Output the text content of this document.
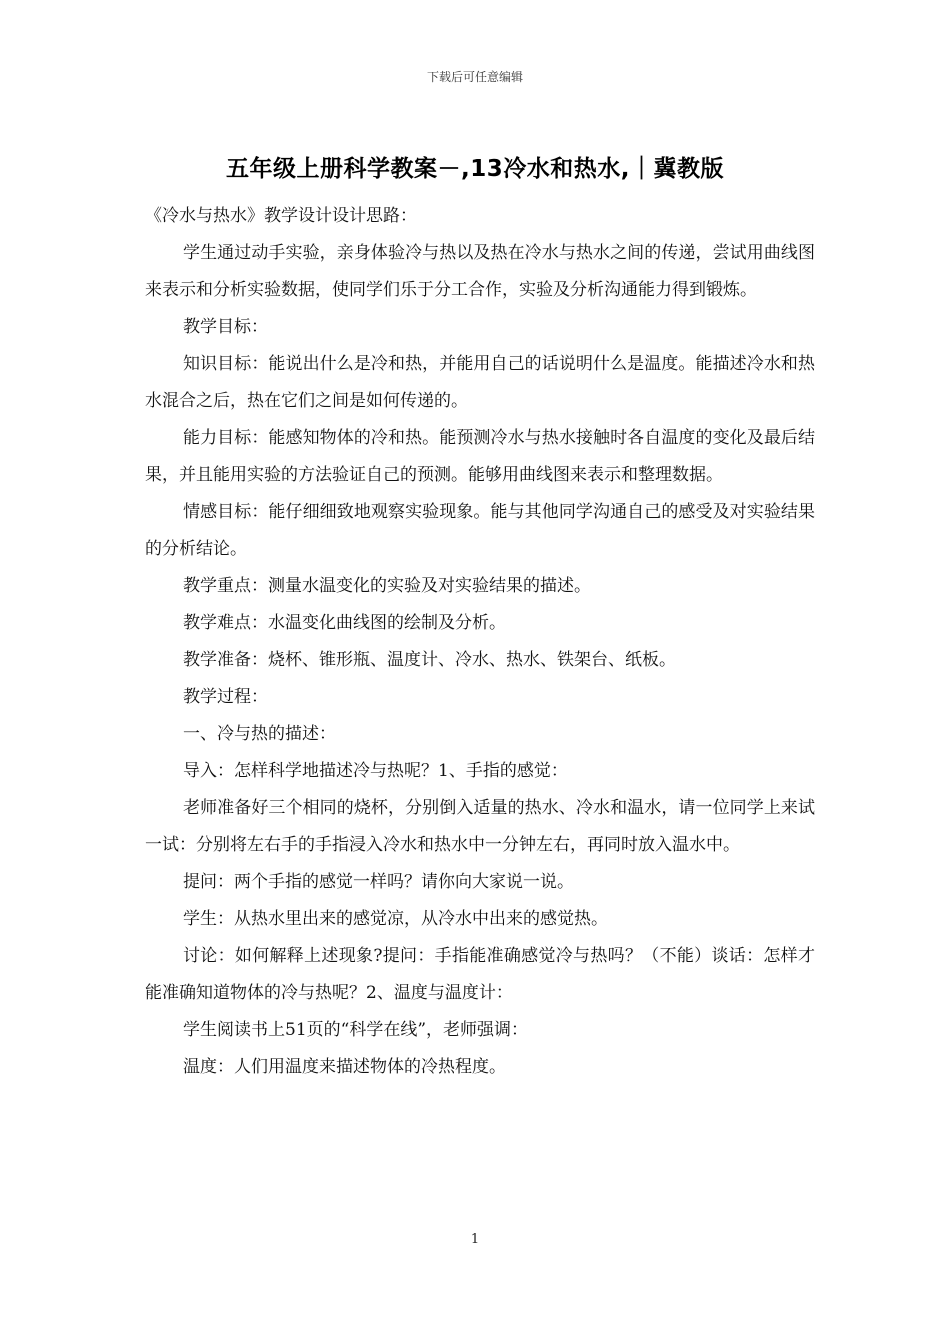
下载后可任意编辑
五年级上册科学教案－,13冷水和热水,｜冀教版

《冷水与热水》教学设计设计思路：

学生通过动手实验，亲身体验冷与热以及热在冷水与热水之间的传递，尝试用曲线图来表示和分析实验数据，使同学们乐于分工合作，实验及分析沟通能力得到锻炼。

教学目标：

知识目标：能说出什么是冷和热，并能用自己的话说明什么是温度。能描述冷水和热水混合之后，热在它们之间是如何传递的。

能力目标：能感知物体的冷和热。能预测冷水与热水接触时各自温度的变化及最后结果，并且能用实验的方法验证自己的预测。能够用曲线图来表示和整理数据。

情感目标：能仔细细致地观察实验现象。能与其他同学沟通自己的感受及对实验结果的分析结论。

教学重点：测量水温变化的实验及对实验结果的描述。

教学难点：水温变化曲线图的绘制及分析。

教学准备：烧杯、锥形瓶、温度计、冷水、热水、铁架台、纸板。

教学过程：

一、冷与热的描述：

导入：怎样科学地描述冷与热呢？1、手指的感觉：

老师准备好三个相同的烧杯，分别倒入适量的热水、冷水和温水，请一位同学上来试一试：分别将左右手的手指浸入冷水和热水中一分钟左右，再同时放入温水中。

提问：两个手指的感觉一样吗？请你向大家说一说。

学生：从热水里出来的感觉凉，从冷水中出来的感觉热。

讨论：如何解释上述现象?提问：手指能准确感觉冷与热吗？（不能）谈话：怎样才能准确知道物体的冷与热呢？2、温度与温度计：

学生阅读书上51页的“科学在线”，老师强调：

温度：人们用温度来描述物体的冷热程度。

1
